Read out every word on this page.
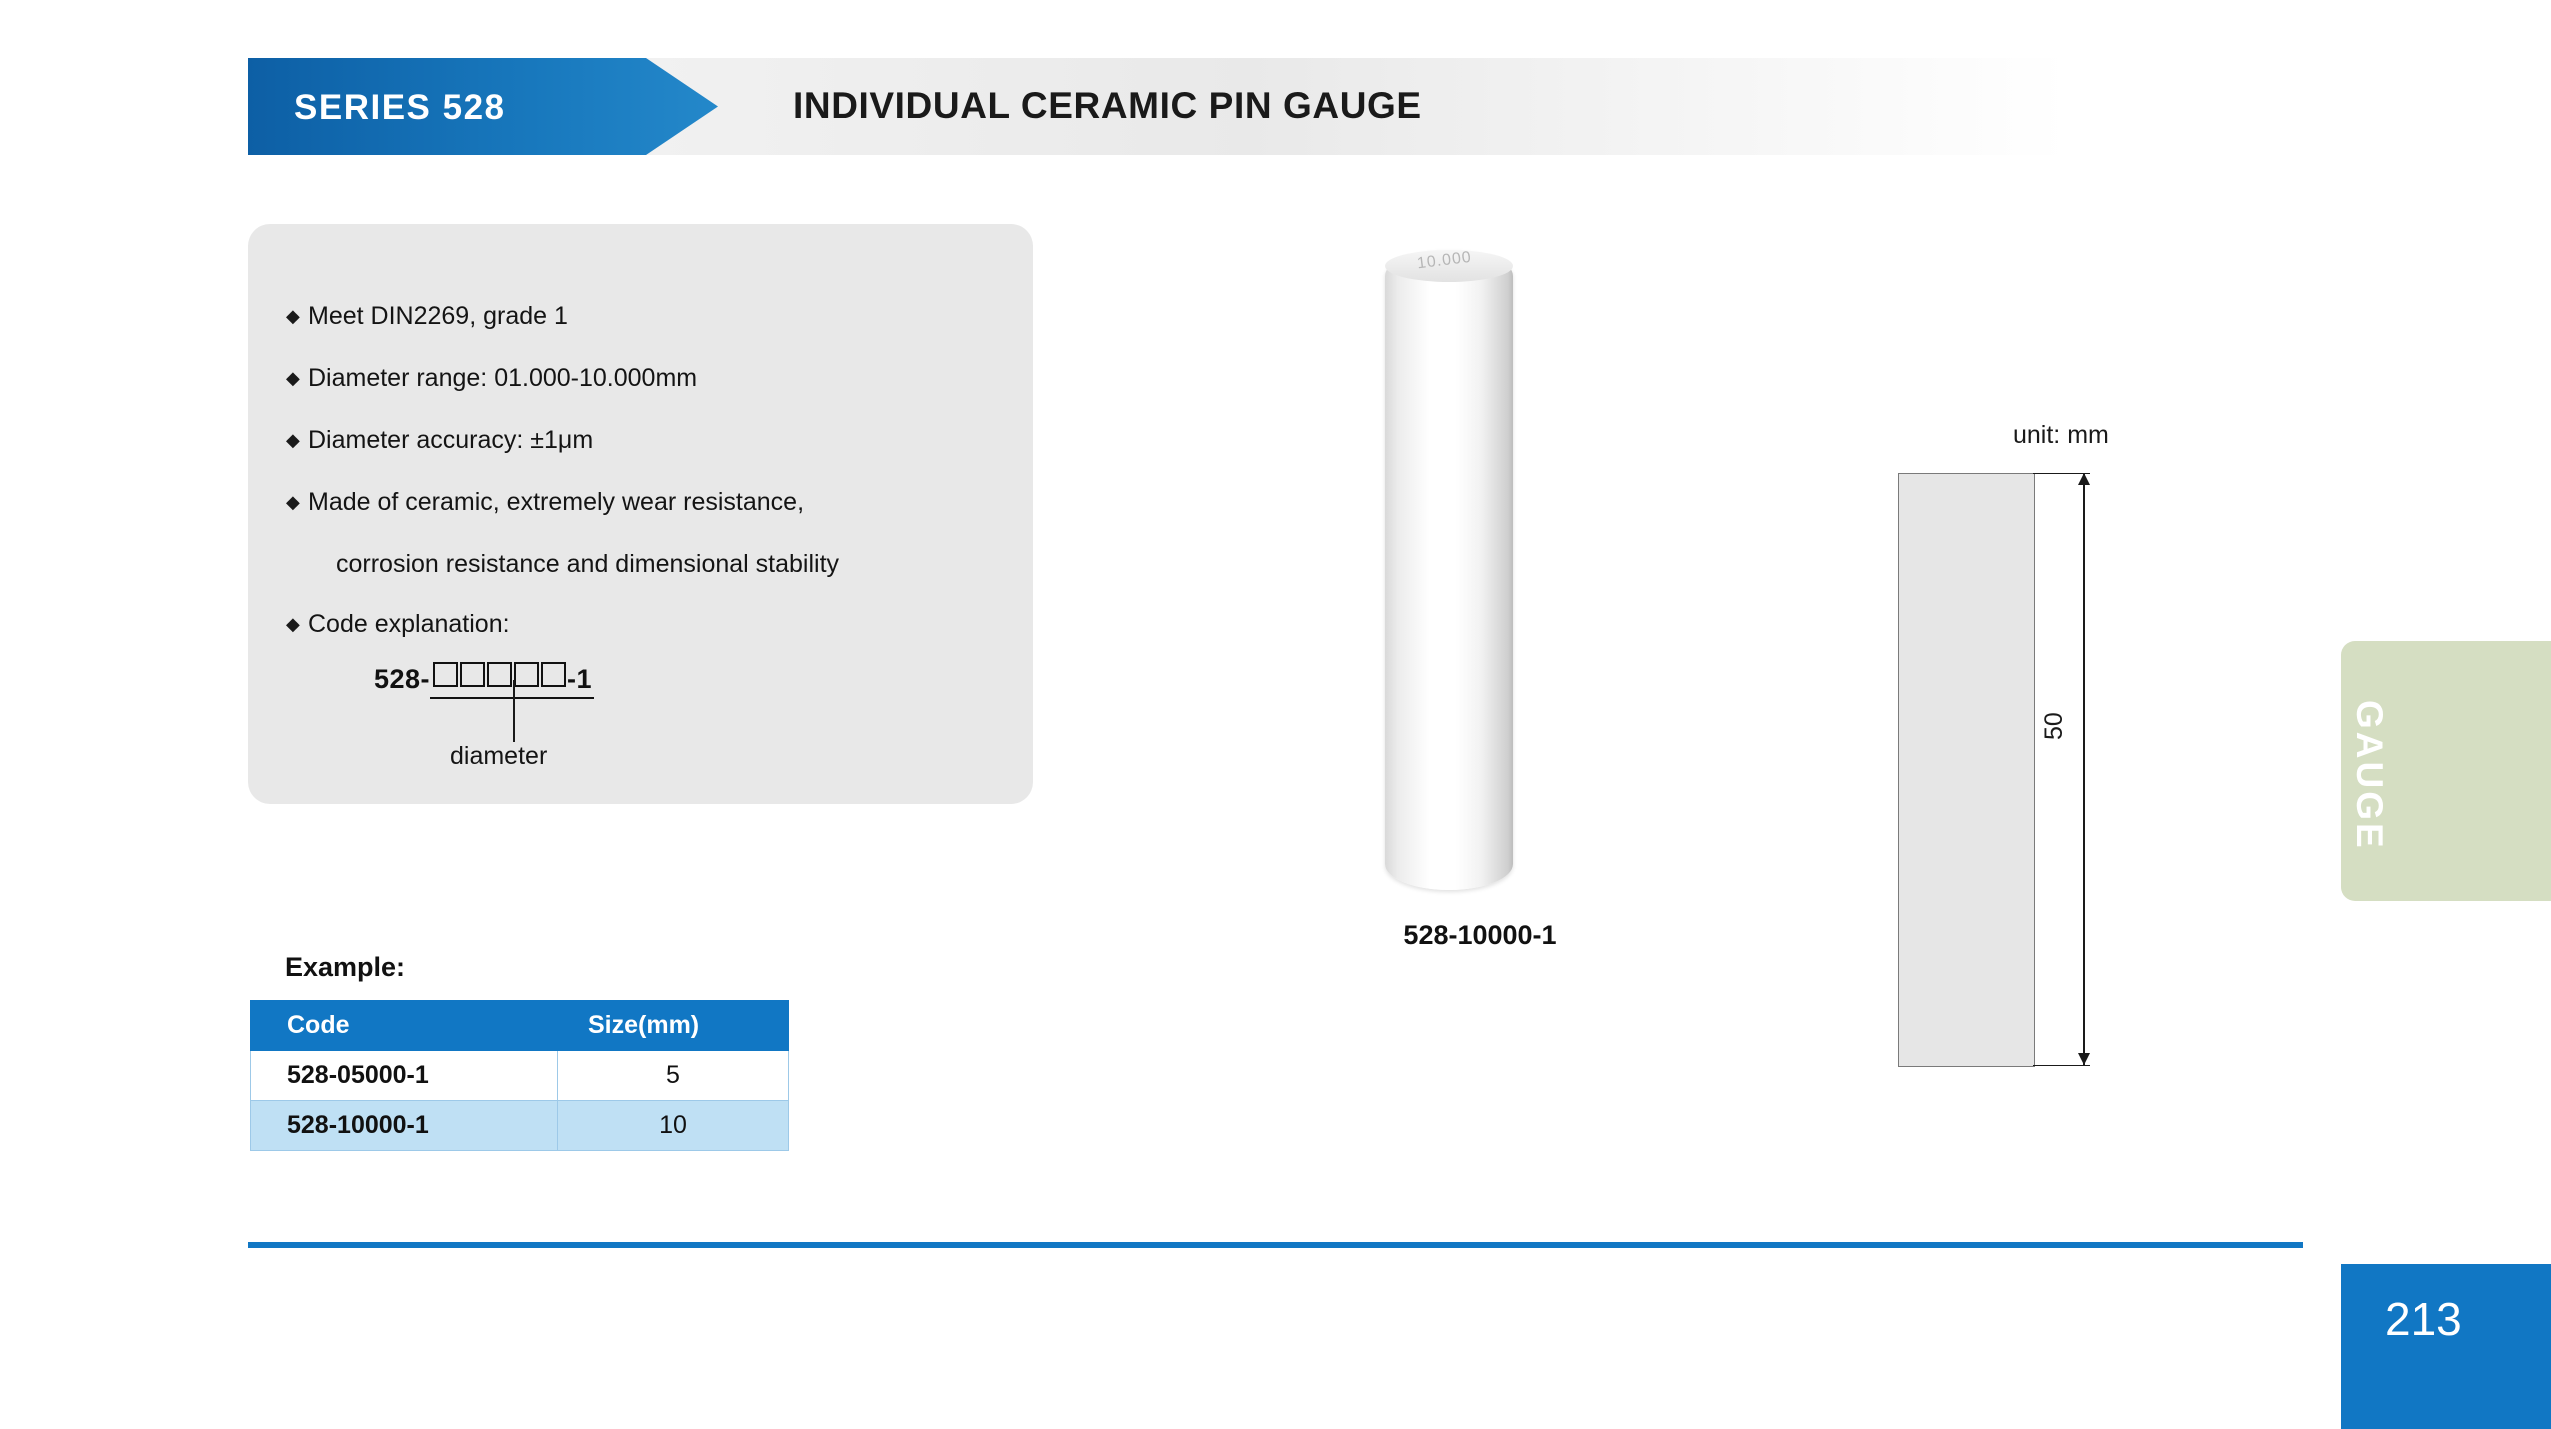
SERIES 528	INDIVIDUAL CERAMIC PIN GAUGE
◆ Meet DIN2269, grade 1
◆ Diameter range: 01.000-10.000mm
◆ Diameter accuracy: ±1μm
◆ Made of ceramic, extremely wear resistance,
corrosion resistance and dimensional stability
◆ Code explanation:
528-	-1
diameter
Example:
Code	Size(mm)
528-05000-1	5
528-10000-1	10
10.000
528-10000-1
unit: mm
50	GAUGE
213
